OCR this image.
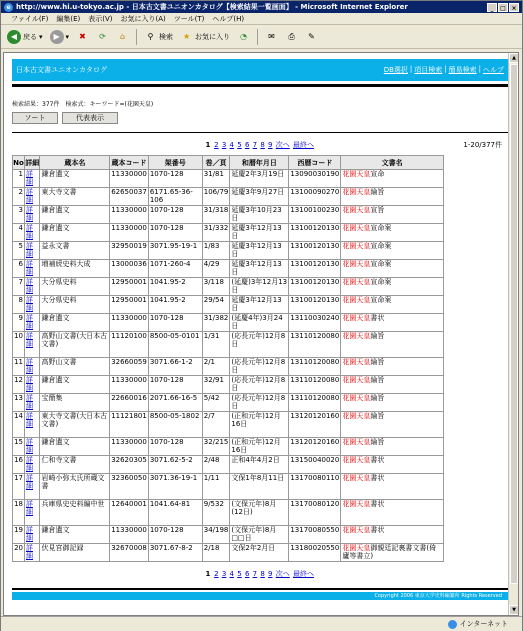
e http://www.hi.u-tokyo.ac.jp - 日本古文書ユニオンカタログ【検索結果一覧画面】 - Microsoft Internet Explorer	_	□ ×
ファイル(F) 編集(E) 表示(V) お気に入り(A) ツール(T) ヘルプ(H)
◀ 戻る ▾	▶ ▾	✖	⟳	⌂	⚲ 検索	★ お気に入り	◔	✉	⎙	✎
日本古文書ユニオンカタログ	DB選択 | 項目検索 | 簡易検索 | ヘルプ
検索結果：377件　検索式：キーワード=(花園天皇)
ソート	代表表示
1 2 3 4 5 6 7 8 9 次へ 最終へ	1-20/377件
No	詳細	蔵本名	蔵本コード	架番号	巻／頁	和暦年月日	西暦コード	文書名
1	詳細	鎌倉遺文	11330000	1070-128	31/81	延慶2年3月19日	13090030190	花園天皇宣命
2	詳細	東大寺文書	62650037	6171.65-36-106	106/79	延慶3年9月27日	13100090270	花園天皇綸旨
3	詳細	鎌倉遺文	11330000	1070-128	31/318	延慶3年10月23日	13100100230	花園天皇宣旨
4	詳細	鎌倉遺文	11330000	1070-128	31/332	延慶3年12月13日	13100120130	花園天皇宣命案
5	詳細	益永文書	32950019	3071.95-19-1	1/83	延慶3年12月13日	13100120130	花園天皇宣命案
6	詳細	増補続史料大成	13000036	1071-260-4	4/29	延慶3年12月13日	13100120130	花園天皇宣命案
7	詳細	大分県史料	12950001	1041.95-2	3/118	(延慶)3年12月13日	13100120130	花園天皇宣命案
8	詳細	大分県史料	12950001	1041.95-2	29/54	延慶3年12月13日	13100120130	花園天皇宣命案
9	詳細	鎌倉遺文	11330000	1070-128	31/382	(延慶4年)3月24日	13110030240	花園天皇書状
10	詳細	高野山文書(大日本古文書)	11120100	8500-05-0101	1/31	(応長元年)12月8日	13110120080	花園天皇綸旨
11	詳細	高野山文書	32660059	3071.66-1-2	2/1	(応長元年)12月8日	13110120080	花園天皇綸旨
12	詳細	鎌倉遺文	11330000	1070-128	32/91	(応長元年)12月8日	13110120080	花園天皇綸旨
13	詳細	宝簡集	22660016	2071.66-16-5	5/42	(応長元年)12月8日	13110120080	花園天皇綸旨
14	詳細	東大寺文書(大日本古文書)	11121801	8500-05-1802	2/7	(正和元年)12月16日	13120120160	花園天皇綸旨
15	詳細	鎌倉遺文	11330000	1070-128	32/215	(正和元年)12月16日	13120120160	花園天皇綸旨
16	詳細	仁和寺文書	32620305	3071.62-5-2	2/48	正和4年4月2日	13150040020	花園天皇書状
17	詳細	岩崎小弥太氏所蔵文書	32360050	3071.36-19-1	1/11	文保1年8月11日	13170080110	花園天皇書状
18	詳細	兵庫県史史料編中世	12640001	1041.64-81	9/532	(文保元年)8月(12日)	13170080120	花園天皇書状
19	詳細	鎌倉遺文	11330000	1070-128	34/198	(文保元年)8月□□日	13170080550	花園天皇書状
20	詳細	伏見宮御記録	32670008	3071.67-8-2	2/18	文保2年2月日	13180020550	花園天皇御親廷記裏書文書(倚廬等書立)
1 2 3 4 5 6 7 8 9 次へ 最終へ
Copyright 2006 東京大学史料編纂所 Rights Reserved
▲
▼
インターネット
